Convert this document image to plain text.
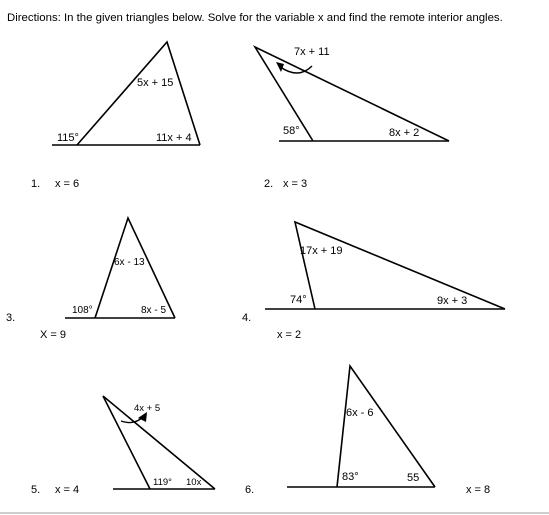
Directions: In the given triangles below. Solve for the variable x and find the remote interior angles.
5x + 15
11x + 4
115°
1. x = 6
7x + 11
8x + 2
58°
2. x = 3
6x - 13
8x - 5
108°
3.
X = 9
17x + 19
74°	9x + 3
4.
x = 2
4x + 5
119° 10x
5. x = 4
6x - 6
83°	55
6.	x = 8
